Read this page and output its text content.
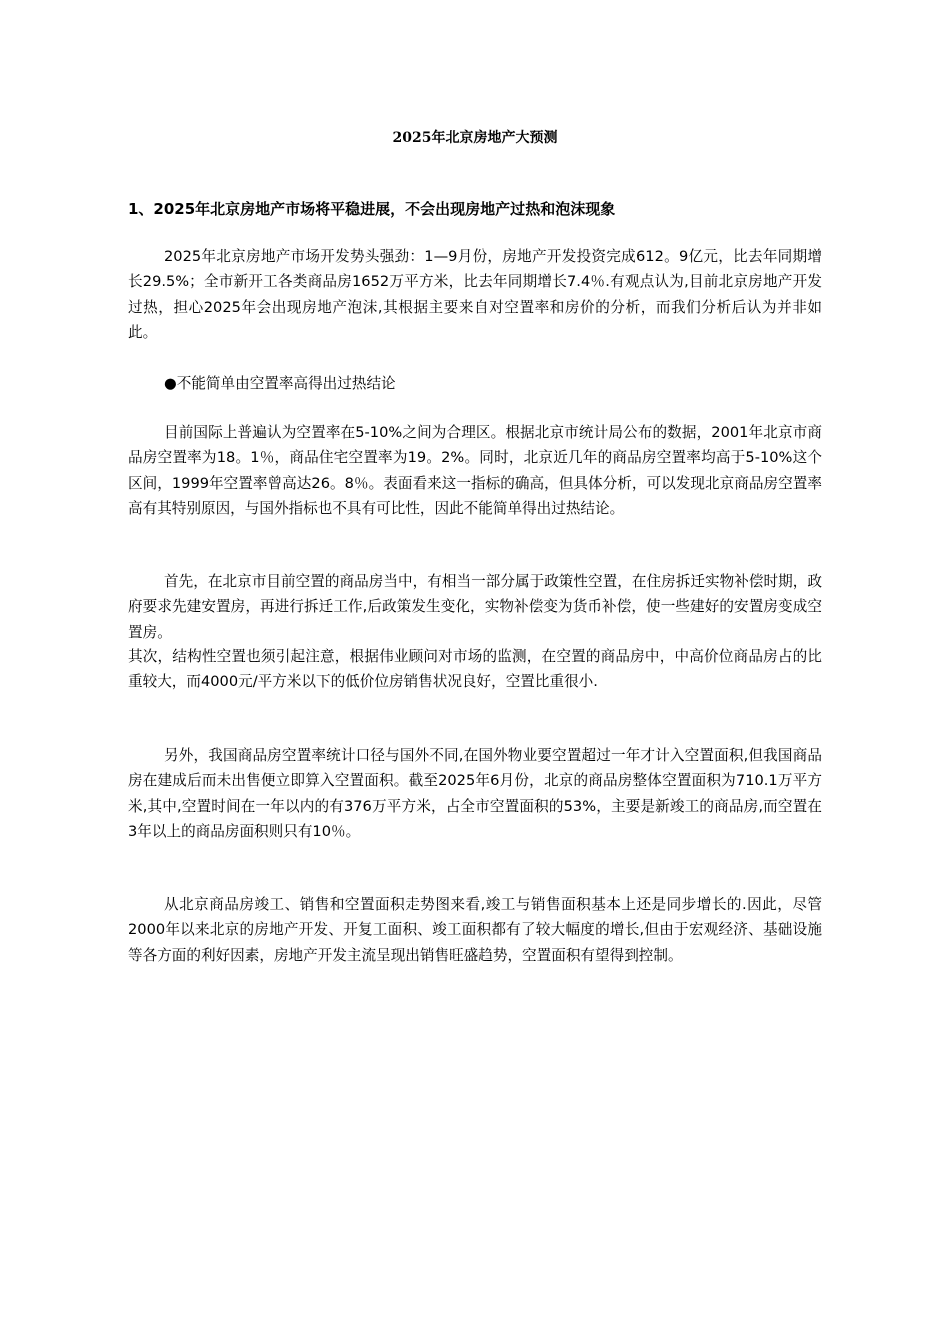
2025年北京房地产大预测
1、2025年北京房地产市场将平稳进展，不会出现房地产过热和泡沫现象

2025年北京房地产市场开发势头强劲：1—9月份，房地产开发投资完成612。9亿元，比去年同期增长29.5%；全市新开工各类商品房1652万平方米，比去年同期增长7.4％.有观点认为,目前北京房地产开发过热，担心2025年会出现房地产泡沫,其根据主要来自对空置率和房价的分析，而我们分析后认为并非如此。

●不能简单由空置率高得出过热结论

目前国际上普遍认为空置率在5-10%之间为合理区。根据北京市统计局公布的数据，2001年北京市商品房空置率为18。1％，商品住宅空置率为19。2%。同时，北京近几年的商品房空置率均高于5-10%这个区间，1999年空置率曾高达26。8％。表面看来这一指标的确高，但具体分析，可以发现北京商品房空置率高有其特别原因，与国外指标也不具有可比性，因此不能简单得出过热结论。

首先，在北京市目前空置的商品房当中，有相当一部分属于政策性空置，在住房拆迁实物补偿时期，政府要求先建安置房，再进行拆迁工作,后政策发生变化，实物补偿变为货币补偿，使一些建好的安置房变成空置房。

其次，结构性空置也须引起注意，根据伟业顾问对市场的监测，在空置的商品房中，中高价位商品房占的比重较大，而4000元/平方米以下的低价位房销售状况良好，空置比重很小.

另外，我国商品房空置率统计口径与国外不同,在国外物业要空置超过一年才计入空置面积,但我国商品房在建成后而未出售便立即算入空置面积。截至2025年6月份，北京的商品房整体空置面积为710.1万平方米,其中,空置时间在一年以内的有376万平方米，占全市空置面积的53%，主要是新竣工的商品房,而空置在3年以上的商品房面积则只有10％。

从北京商品房竣工、销售和空置面积走势图来看,竣工与销售面积基本上还是同步增长的.因此，尽管2000年以来北京的房地产开发、开复工面积、竣工面积都有了较大幅度的增长,但由于宏观经济、基础设施等各方面的利好因素，房地产开发主流呈现出销售旺盛趋势，空置面积有望得到控制。
